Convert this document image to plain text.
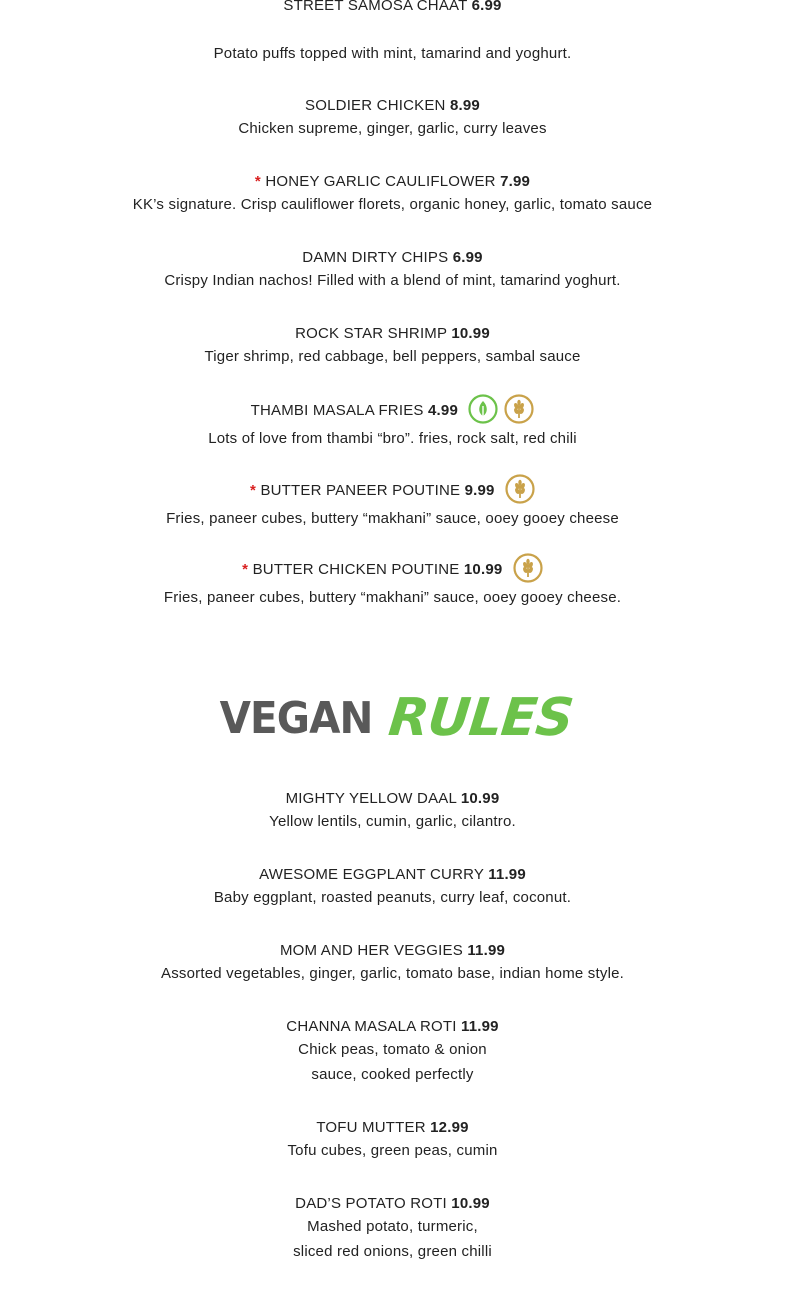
STREET SAMOSA CHAAT 6.99
Potato puffs topped with mint, tamarind and yoghurt.
SOLDIER CHICKEN 8.99
Chicken supreme, ginger, garlic, curry leaves
* HONEY GARLIC CAULIFLOWER 7.99
KK’s signature. Crisp cauliflower florets, organic honey, garlic, tomato sauce
DAMN DIRTY CHIPS 6.99
Crispy Indian nachos! Filled with a blend of mint, tamarind yoghurt.
ROCK STAR SHRIMP 10.99
Tiger shrimp, red cabbage, bell peppers, sambal sauce
THAMBI MASALA FRIES 4.99
Lots of love from thambi “bro”. fries, rock salt, red chili
* BUTTER PANEER POUTINE 9.99
Fries, paneer cubes, buttery “makhani” sauce, ooey gooey cheese
* BUTTER CHICKEN POUTINE 10.99
Fries, paneer cubes, buttery “makhani” sauce, ooey gooey cheese.
VEGAN RULES
MIGHTY YELLOW DAAL 10.99
Yellow lentils, cumin, garlic, cilantro.
AWESOME EGGPLANT CURRY 11.99
Baby eggplant, roasted peanuts, curry leaf, coconut.
MOM AND HER VEGGIES 11.99
Assorted vegetables, ginger, garlic, tomato base, indian home style.
CHANNA MASALA ROTI 11.99
Chick peas, tomato & onion
sauce, cooked perfectly
TOFU MUTTER 12.99
Tofu cubes, green peas, cumin
DAD’S POTATO ROTI 10.99
Mashed potato, turmeric,
sliced red onions, green chilli
